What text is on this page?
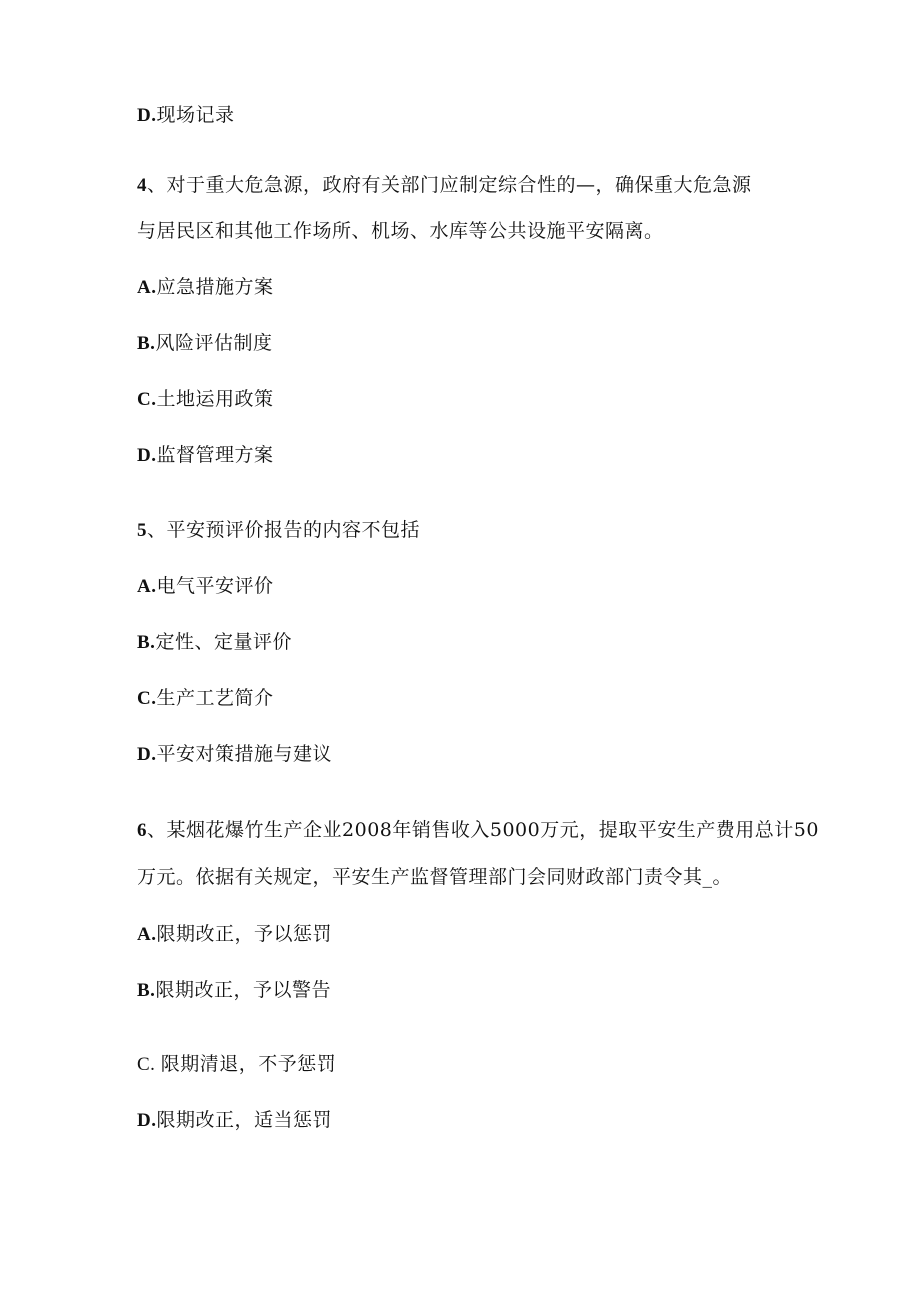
D.现场记录
4、对于重大危急源，政府有关部门应制定综合性的—，确保重大危急源
与居民区和其他工作场所、机场、水库等公共设施平安隔离。
A.应急措施方案
B.风险评估制度
C.土地运用政策
D.监督管理方案
5、平安预评价报告的内容不包括
A.电气平安评价
B.定性、定量评价
C.生产工艺简介
D.平安对策措施与建议
6、某烟花爆竹生产企业2008年销售收入5000万元，提取平安生产费用总计50
万元。依据有关规定，平安生产监督管理部门会同财政部门责令其_。
A.限期改正，予以惩罚
B.限期改正，予以警告
C. 限期清退，不予惩罚
D.限期改正，适当惩罚
